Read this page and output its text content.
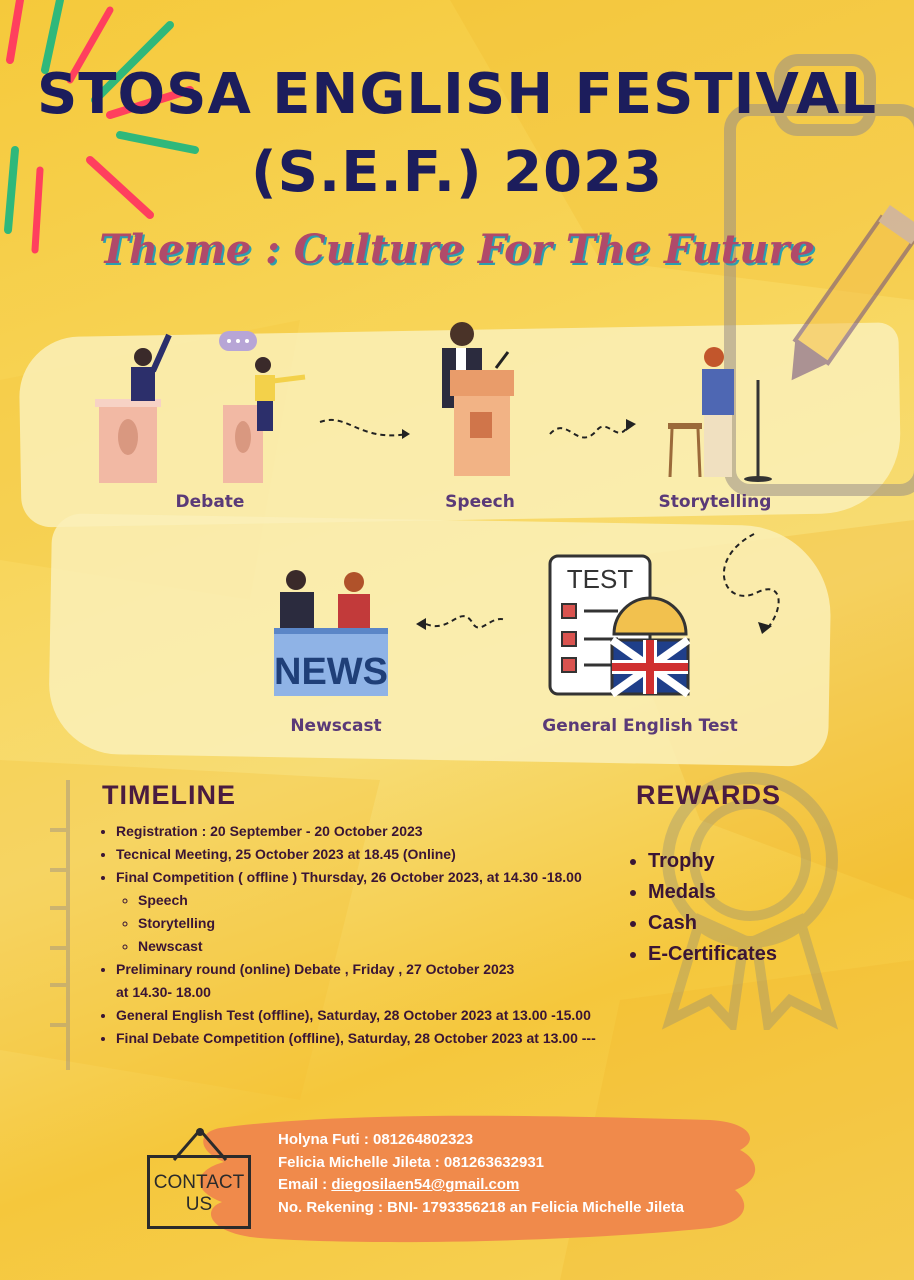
STOSA ENGLISH FESTIVAL
(S.E.F.) 2023

Theme : Culture For The Future

Debate	Speech	Storytelling
NEWS
Newscast
TEST
General English Test
TIMELINE
• Registration : 20 September - 20 October 2023
• Tecnical Meeting, 25 October 2023 at 18.45 (Online)
• Final Competition ( offline ) Thursday, 26 October 2023, at 14.30 -18.00
◦ Speech
◦ Storytelling
◦ Newscast
• Preliminary round (online) Debate , Friday , 27 October 2023
at 14.30- 18.00
• General English Test (offline), Saturday, 28 October 2023 at 13.00 -15.00
• Final Debate Competition (offline), Saturday, 28 October 2023 at 13.00 ---
REWARDS
• Trophy
• Medals
• Cash
• E-Certificates
CONTACT
US
Holyna Futi : 081264802323
Felicia Michelle Jileta : 081263632931
Email : diegosilaen54@gmail.com
No. Rekening : BNI- 1793356218 an Felicia Michelle Jileta
